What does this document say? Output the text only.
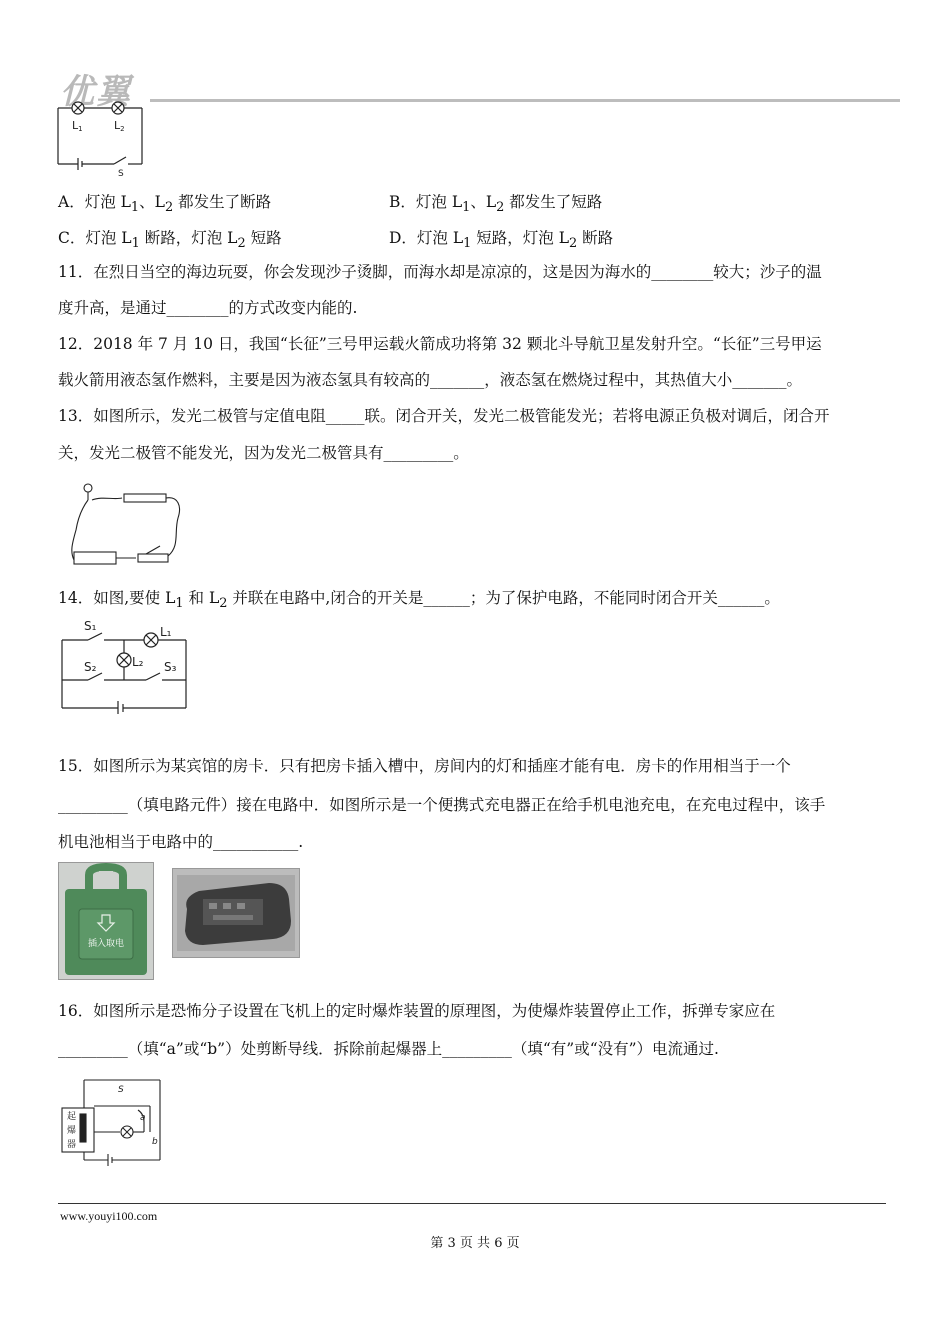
优翼
L1	L2
S
A．灯泡 $L_1$、$L_2$ 都发生了断路	B．灯泡 $L_1$、$L_2$ 都发生了短路
C．灯泡 $L_1$ 断路，灯泡 $L_2$ 短路	D．灯泡 $L_1$ 短路，灯泡 $L_2$ 断路
11．在烈日当空的海边玩耍，你会发现沙子烫脚，而海水却是凉凉的，这是因为海水的________较大；沙子的温
度升高，是通过________的方式改变内能的.
12．2018 年 7 月 10 日，我国“长征”三号甲运载火箭成功将第 32 颗北斗导航卫星发射升空。“长征”三号甲运
载火箭用液态氢作燃料，主要是因为液态氢具有较高的_______，液态氢在燃烧过程中，其热值大小_______。
13．如图所示，发光二极管与定值电阻_____联。闭合开关，发光二极管能发光；若将电源正负极对调后，闭合开
关，发光二极管不能发光，因为发光二极管具有_________。
14．如图,要使 $L_1$ 和 $L_2$ 并联在电路中,闭合的开关是______；为了保护电路，不能同时闭合开关______。
S₁	L₁
S₂	L₂ S₃
15．如图所示为某宾馆的房卡．只有把房卡插入槽中，房间内的灯和插座才能有电．房卡的作用相当于一个
_________（填电路元件）接在电路中．如图所示是一个便携式充电器正在给手机电池充电，在充电过程中，该手
机电池相当于电路中的___________.
插入取电
16．如图所示是恐怖分子设置在飞机上的定时爆炸装置的原理图，为使爆炸装置停止工作，拆弹专家应在
_________（填“a”或“b”）处剪断导线．拆除前起爆器上_________（填“有”或“没有”）电流通过.
S
a
b
起
爆
器
www.youyi100.com
第 3 页 共 6 页
